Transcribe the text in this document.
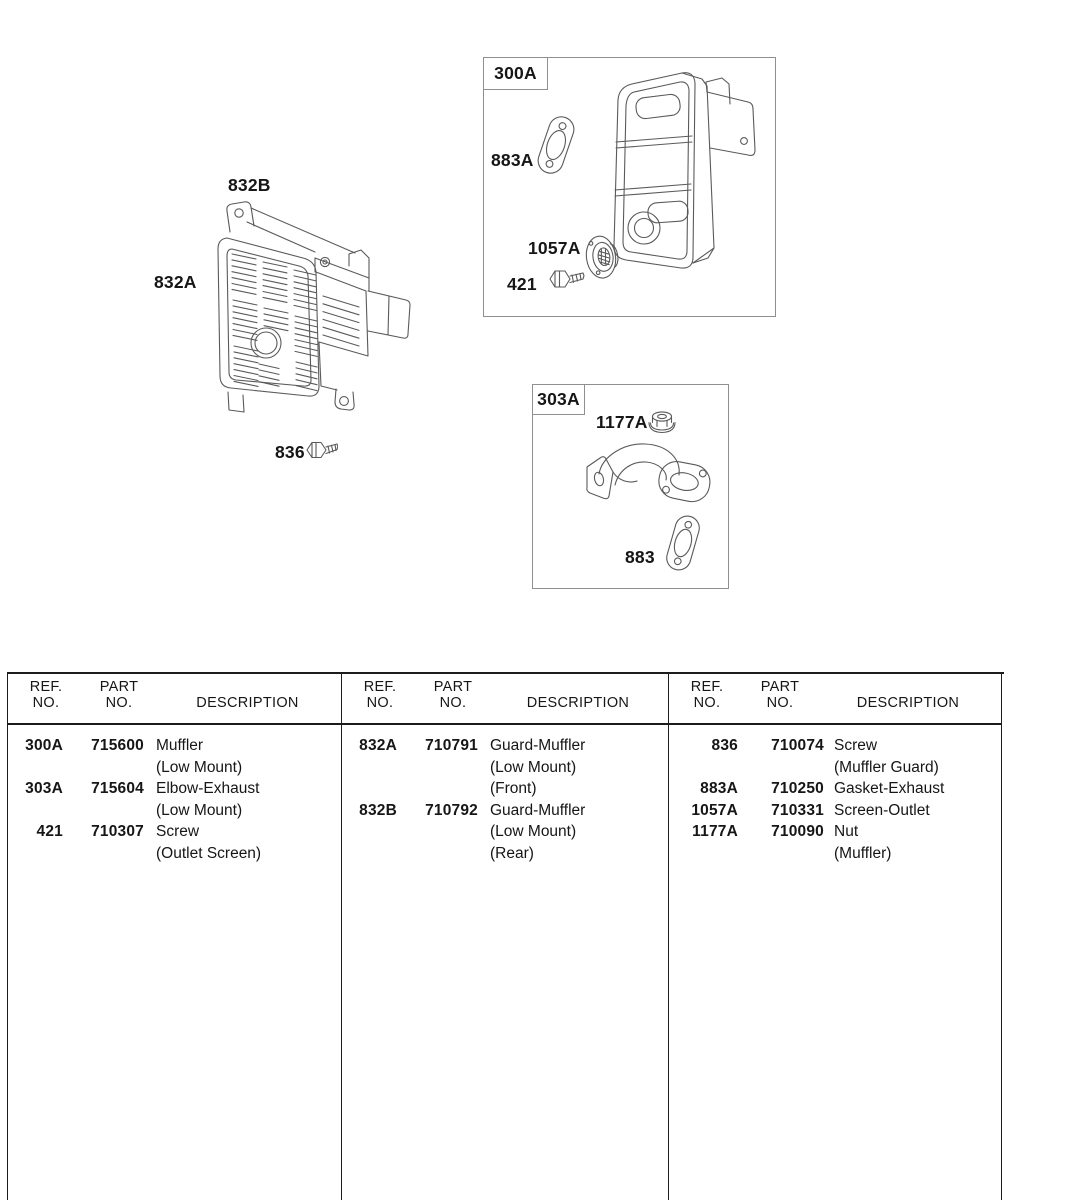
832B
832A
836
300A
883A
1057A
421
303A
1177A
883
REF.
NO.
PART
NO.	DESCRIPTION
300A	715600 Muffler
(Low Mount)
303A	715604 Elbow-Exhaust
(Low Mount)
421	710307 Screw
(Outlet Screen)
REF.
NO.
PART
NO.	DESCRIPTION
832A	710791 Guard-Muffler
(Low Mount)
(Front)
832B	710792 Guard-Muffler
(Low Mount)
(Rear)
REF.
NO.
PART
NO.	DESCRIPTION
836	710074 Screw
(Muffler Guard)
883A	710250 Gasket-Exhaust
1057A	710331 Screen-Outlet
1177A	710090 Nut
(Muffler)
